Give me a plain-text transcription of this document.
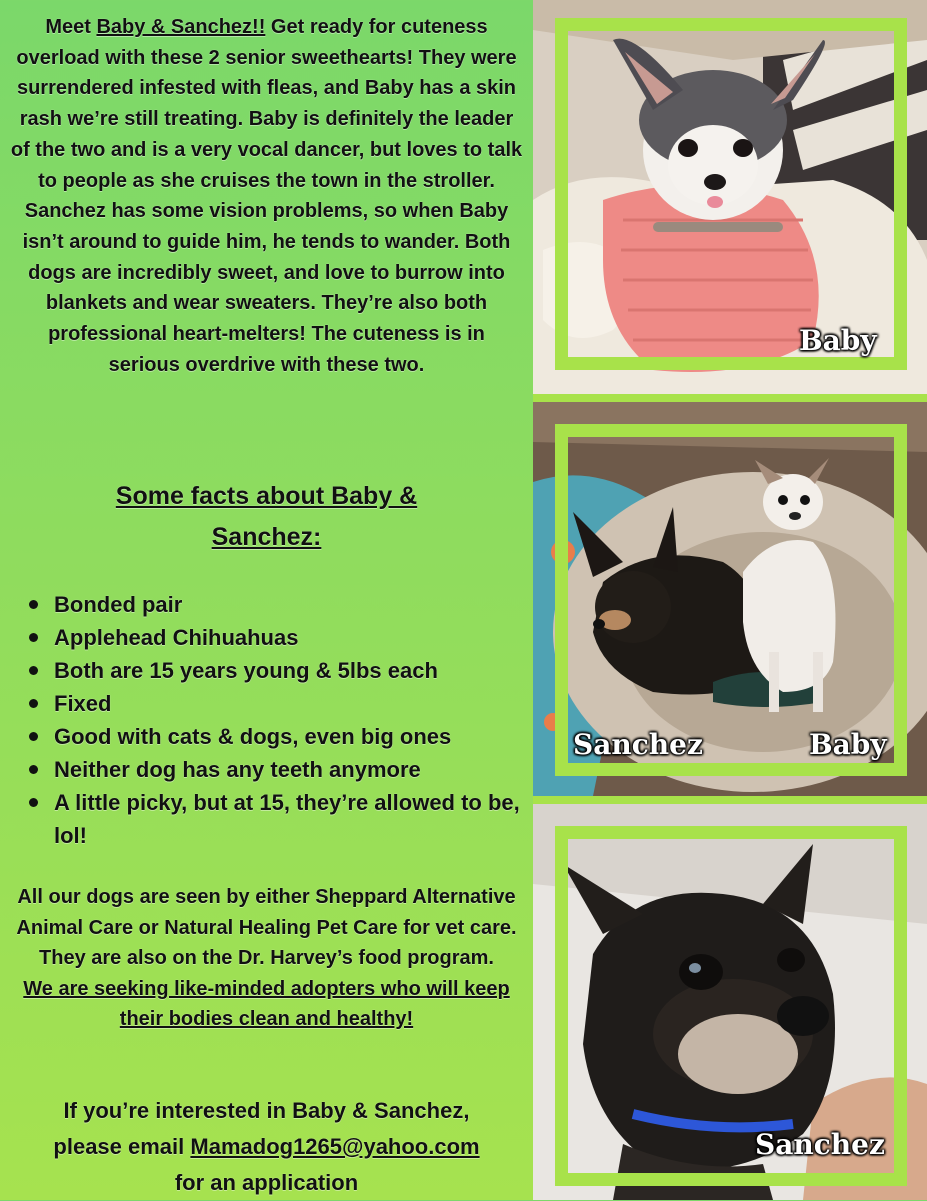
Meet Baby & Sanchez!! Get ready for cuteness overload with these 2 senior sweethearts! They were surrendered infested with fleas, and Baby has a skin rash we’re still treating. Baby is definitely the leader of the two and is a very vocal dancer, but loves to talk to people as she cruises the town in the stroller. Sanchez has some vision problems, so when Baby isn’t around to guide him, he tends to wander. Both dogs are incredibly sweet, and love to burrow into blankets and wear sweaters. They’re also both professional heart-melters! The cuteness is in serious overdrive with these two.
Some facts about Baby &
Sanchez:
Bonded pair
Applehead Chihuahuas
Both are 15 years young & 5lbs each
Fixed
Good with cats & dogs, even big ones
Neither dog has any teeth anymore
A little picky, but at 15, they’re allowed to be, lol!
All our dogs are seen by either Sheppard Alternative Animal Care or Natural Healing Pet Care for vet care. They are also on the Dr. Harvey’s food program.
We are seeking like-minded adopters who will keep their bodies clean and healthy!
If you’re interested in Baby & Sanchez,
please email Mamadog1265@yahoo.com
for an application
Baby
Sanchez	Baby
Sanchez
